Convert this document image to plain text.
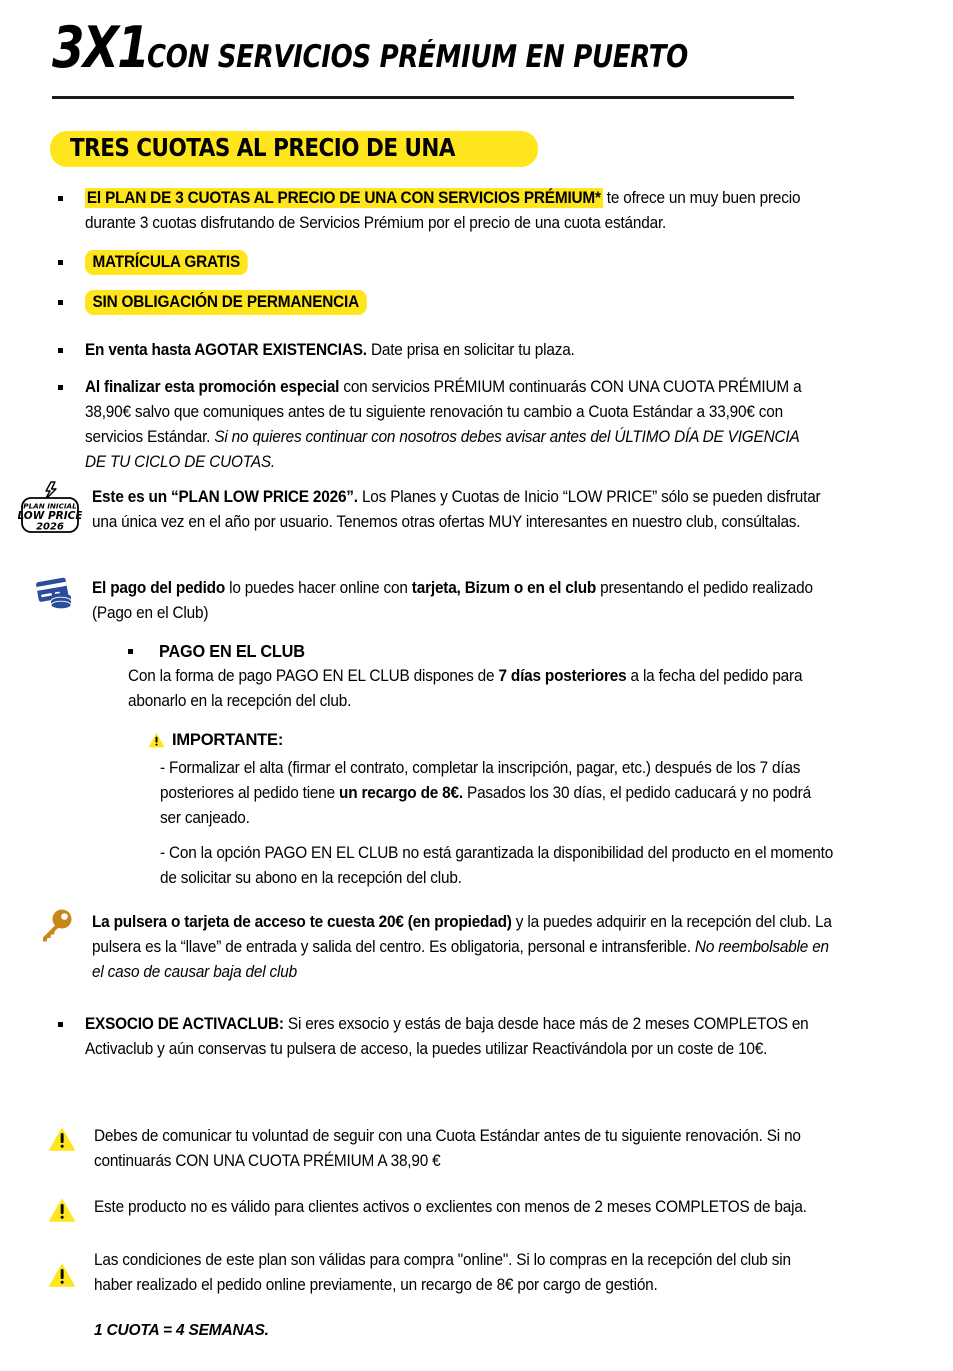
3X1 CON SERVICIOS PRÉMIUM EN PUERTO
TRES CUOTAS AL PRECIO DE UNA
El PLAN DE 3 CUOTAS AL PRECIO DE UNA CON SERVICIOS PRÉMIUM* te ofrece un muy buen precio durante 3 cuotas disfrutando de Servicios Prémium por el precio de una cuota estándar.
MATRÍCULA GRATIS
SIN OBLIGACIÓN DE PERMANENCIA
En venta hasta AGOTAR EXISTENCIAS. Date prisa en solicitar tu plaza.
Al finalizar esta promoción especial con servicios PRÉMIUM continuarás CON UNA CUOTA PRÉMIUM a 38,90€ salvo que comuniques antes de tu siguiente renovación tu cambio a Cuota Estándar a 33,90€ con servicios Estándar. Si no quieres continuar con nosotros debes avisar antes del ÚLTIMO DÍA DE VIGENCIA DE TU CICLO DE CUOTAS.
PLAN INICIAL
LOW PRICE
2026
Este es un “PLAN LOW PRICE 2026”. Los Planes y Cuotas de Inicio “LOW PRICE” sólo se pueden disfrutar una única vez en el año por usuario. Tenemos otras ofertas MUY interesantes en nuestro club, consúltalas.
El pago del pedido lo puedes hacer online con tarjeta, Bizum o en el club presentando el pedido realizado (Pago en el Club)
PAGO EN EL CLUB
Con la forma de pago PAGO EN EL CLUB dispones de 7 días posteriores a la fecha del pedido para abonarlo en la recepción del club.
IMPORTANTE:
- Formalizar el alta (firmar el contrato, completar la inscripción, pagar, etc.) después de los 7 días posteriores al pedido tiene un recargo de 8€. Pasados los 30 días, el pedido caducará y no podrá ser canjeado.
- Con la opción PAGO EN EL CLUB no está garantizada la disponibilidad del producto en el momento de solicitar su abono en la recepción del club.
La pulsera o tarjeta de acceso te cuesta 20€ (en propiedad) y la puedes adquirir en la recepción del club. La pulsera es la “llave” de entrada y salida del centro. Es obligatoria, personal e intransferible. No reembolsable en el caso de causar baja del club
EXSOCIO DE ACTIVACLUB: Si eres exsocio y estás de baja desde hace más de 2 meses COMPLETOS en Activaclub y aún conservas tu pulsera de acceso, la puedes utilizar Reactivándola por un coste de 10€.
Debes de comunicar tu voluntad de seguir con una Cuota Estándar antes de tu siguiente renovación. Si no continuarás CON UNA CUOTA PRÉMIUM A 38,90 €
Este producto no es válido para clientes activos o exclientes con menos de 2 meses COMPLETOS de baja.
Las condiciones de este plan son válidas para compra "online". Si lo compras en la recepción del club sin haber realizado el pedido online previamente, un recargo de 8€ por cargo de gestión.
1 CUOTA = 4 SEMANAS.
